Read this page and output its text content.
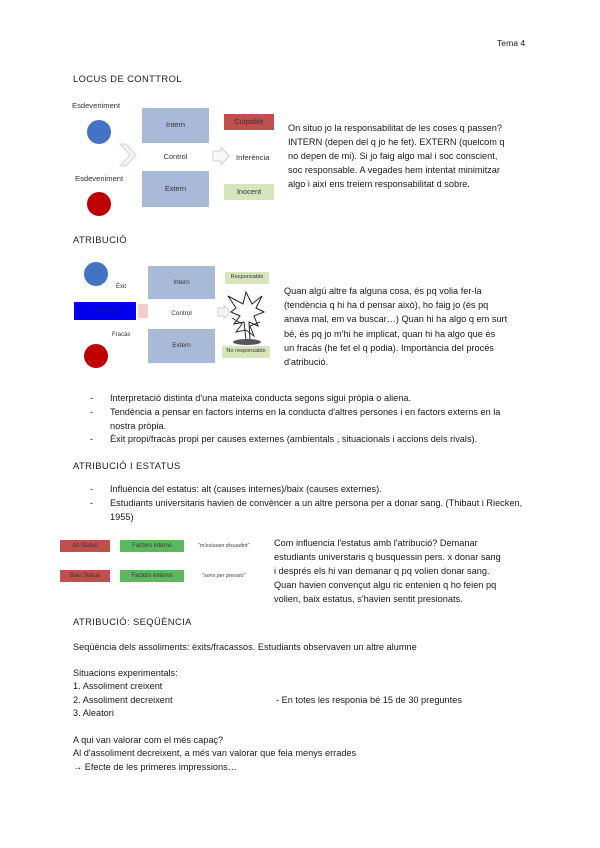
Tema 4
LOCUS DE CONTTROL
Esdeveniment
Esdeveniment
Intern
Control
Extern
Culpable
Inferència
Inocent
On situo jo la responsabilitat de les coses q passen?
INTERN (depen del q jo he fet). EXTERN (quelcom q
no depen de mi). Si jo faig algo mal i soc conscient,
soc responsable. A vegades hem intentat minimitzar
algo i així ens treiem responsabilitat d sobre.
ATRIBUCIÓ
Èxit
Conducta
Fracàs
Intern
Control
Extern
Responsable
No responsable
Quan algú altre fa alguna cosa, és pq volia fer-la
(tendència q hi ha d pensar això), ho faig jo (és pq
anava mal, em va buscar…) Quan hi ha algo q em surt
bé, és pq jo m'hi he implicat, quan hi ha algo que és
un fracàs (he fet el q podia). Importància del procés
d'atribució.
- Interpretació distinta d'una mateixa conducta segons sigui pròpia o aliena.
- Tendència a pensar en factors interns en la conducta d'altres persones i en factors externs en la nostra pròpia.
- Èxit propi/fracàs propi per causes externes (ambientals , situacionals i accions dels rivals).
ATRIBUCIÓ I ESTATUS
- Influència del estatus: alt (causes internes)/baix (causes externes).
- Estudiants universitaris havien de convèncer a un altre persona per a donar sang. (Thibaut i Riecken, 1955)
Alt Status	Factors interns	"m'estaven disuadint"
Baix Status	Factors externs	"sens per pressió"
Com influencia l'estatus amb l'atribució? Demanar
estudiants universtaris q busquessin pers. x donar sang
i després els hi van demanar q pq volien donar sang.
Quan havien convençut algu ric entenien q ho feien pq
volien, baix estatus, s'havien sentit presionats.
ATRIBUCIÓ: SEQÜÈNCIA
Seqüència dels assoliments: èxits/fracassos. Estudiants observaven un altre alumne
Situacions experimentals:
1. Assoliment creixent
2. Assoliment decreixent
3. Aleatori
- En totes les responia bé 15 de 30 preguntes
A qui van valorar com el més capaç?
Al d'assoliment decreixent, a més van valorar que feia menys errades
→ Efecte de les primeres impressions…
